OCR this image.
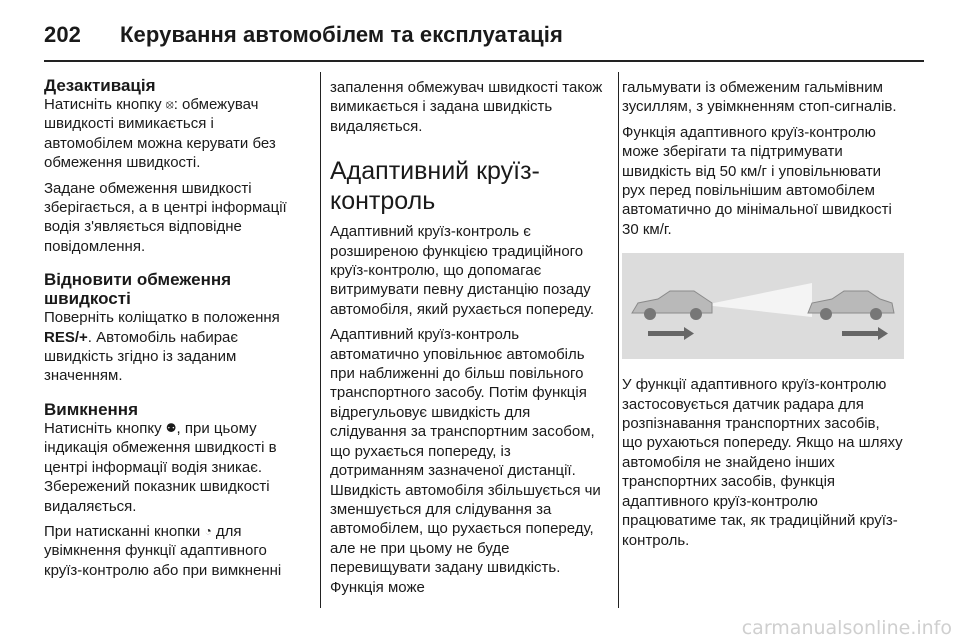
202 Керування автомобілем та експлуатація
Дезактивація

Натисніть кнопку ⦻: обмежувач швидкості вимикається і автомобілем можна керувати без обмеження швидкості.

Задане обмеження швидкості зберігається, а в центрі інформації водія з'являється відповідне повідомлення.

Відновити обмеження швидкості

Поверніть коліщатко в положення RES/+. Автомобіль набирає швидкість згідно із заданим значенням.

Вимкнення

Натисніть кнопку ⚉, при цьому індикація обмеження швидкості в центрі інформації водія зникає. Збережений показник швидкості видаляється.

При натисканні кнопки ◔ для увімкнення функції адаптивного круїз-контролю або при вимкненні

запалення обмежувач швидкості також вимикається і задана швидкість видаляється.

Адаптивний круїз-контроль

Адаптивний круїз-контроль є розширеною функцією традиційного круїз-контролю, що допомагає витримувати певну дистанцію позаду автомобіля, який рухається попереду.

Адаптивний круїз-контроль автоматично уповільнює автомобіль при наближенні до більш повільного транспортного засобу. Потім функція відрегульовує швидкість для слідування за транспортним засобом, що рухається попереду, із дотриманням зазначеної дистанції. Швидкість автомобіля збільшується чи зменшується для слідування за автомобілем, що рухається попереду, але не при цьому не буде перевищувати задану швидкість. Функція може

гальмувати із обмеженим гальмівним зусиллям, з увімкненням стоп-сигналів.

Функція адаптивного круїз-контролю може зберігати та підтримувати швидкість від 50 км/г і уповільнювати рух перед повільнішим автомобілем автоматично до мінімальної швидкості 30 км/г.

У функції адаптивного круїз-контролю застосовується датчик радара для розпізнавання транспортних засобів, що рухаються попереду. Якщо на шляху автомобіля не знайдено інших транспортних засобів, функція адаптивного круїз-контролю працюватиме так, як традиційний круїз-контроль.

carmanualsonline.info
